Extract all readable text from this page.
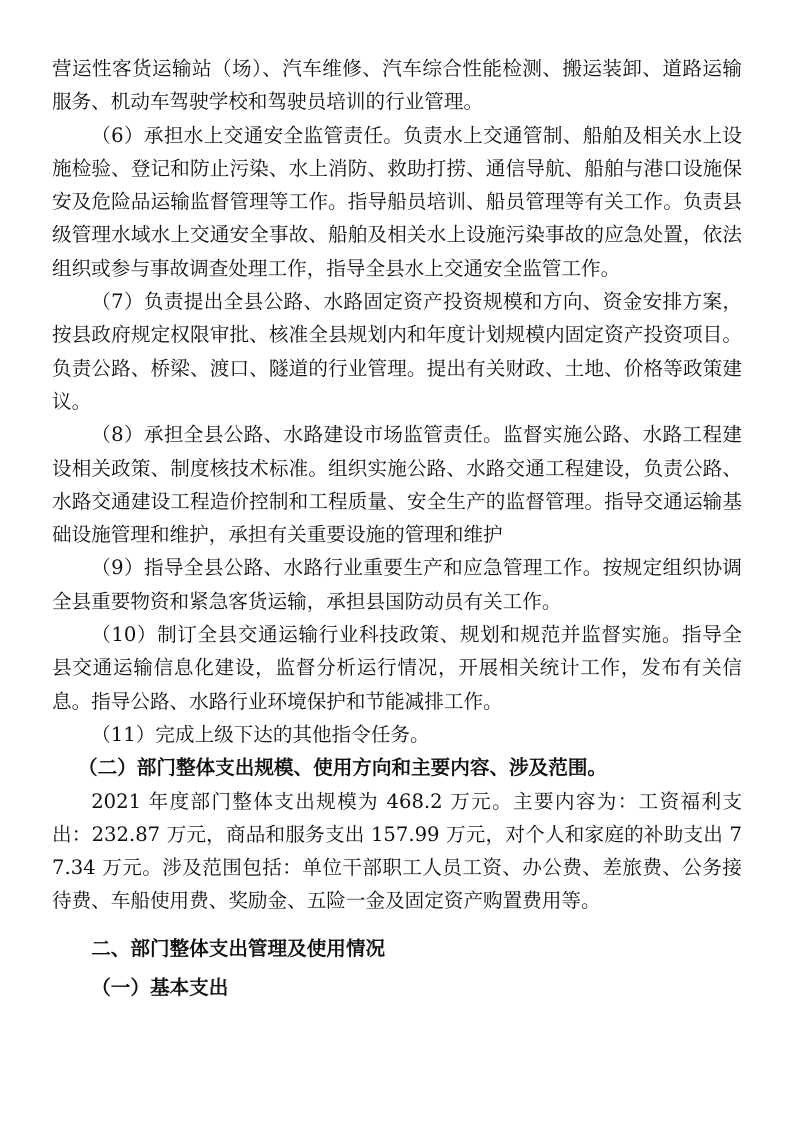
营运性客货运输站（场）、汽车维修、汽车综合性能检测、搬运装卸、道路运输服务、机动车驾驶学校和驾驶员培训的行业管理。

（6）承担水上交通安全监管责任。负责水上交通管制、船舶及相关水上设施检验、登记和防止污染、水上消防、救助打捞、通信导航、船舶与港口设施保安及危险品运输监督管理等工作。指导船员培训、船员管理等有关工作。负责县级管理水域水上交通安全事故、船舶及相关水上设施污染事故的应急处置，依法组织或参与事故调查处理工作，指导全县水上交通安全监管工作。

（7）负责提出全县公路、水路固定资产投资规模和方向、资金安排方案，按县政府规定权限审批、核准全县规划内和年度计划规模内固定资产投资项目。负责公路、桥梁、渡口、隧道的行业管理。提出有关财政、土地、价格等政策建议。

（8）承担全县公路、水路建设市场监管责任。监督实施公路、水路工程建设相关政策、制度核技术标准。组织实施公路、水路交通工程建设，负责公路、水路交通建设工程造价控制和工程质量、安全生产的监督管理。指导交通运输基础设施管理和维护，承担有关重要设施的管理和维护

（9）指导全县公路、水路行业重要生产和应急管理工作。按规定组织协调全县重要物资和紧急客货运输，承担县国防动员有关工作。

（10）制订全县交通运输行业科技政策、规划和规范并监督实施。指导全县交通运输信息化建设，监督分析运行情况，开展相关统计工作，发布有关信息。指导公路、水路行业环境保护和节能减排工作。

（11）完成上级下达的其他指令任务。

（二）部门整体支出规模、使用方向和主要内容、涉及范围。

2021 年度部门整体支出规模为 468.2 万元。主要内容为：工资福利支出：232.87 万元，商品和服务支出 157.99 万元，对个人和家庭的补助支出 77.34 万元。涉及范围包括：单位干部职工人员工资、办公费、差旅费、公务接待费、车船使用费、奖励金、五险一金及固定资产购置费用等。

二、部门整体支出管理及使用情况

（一）基本支出
